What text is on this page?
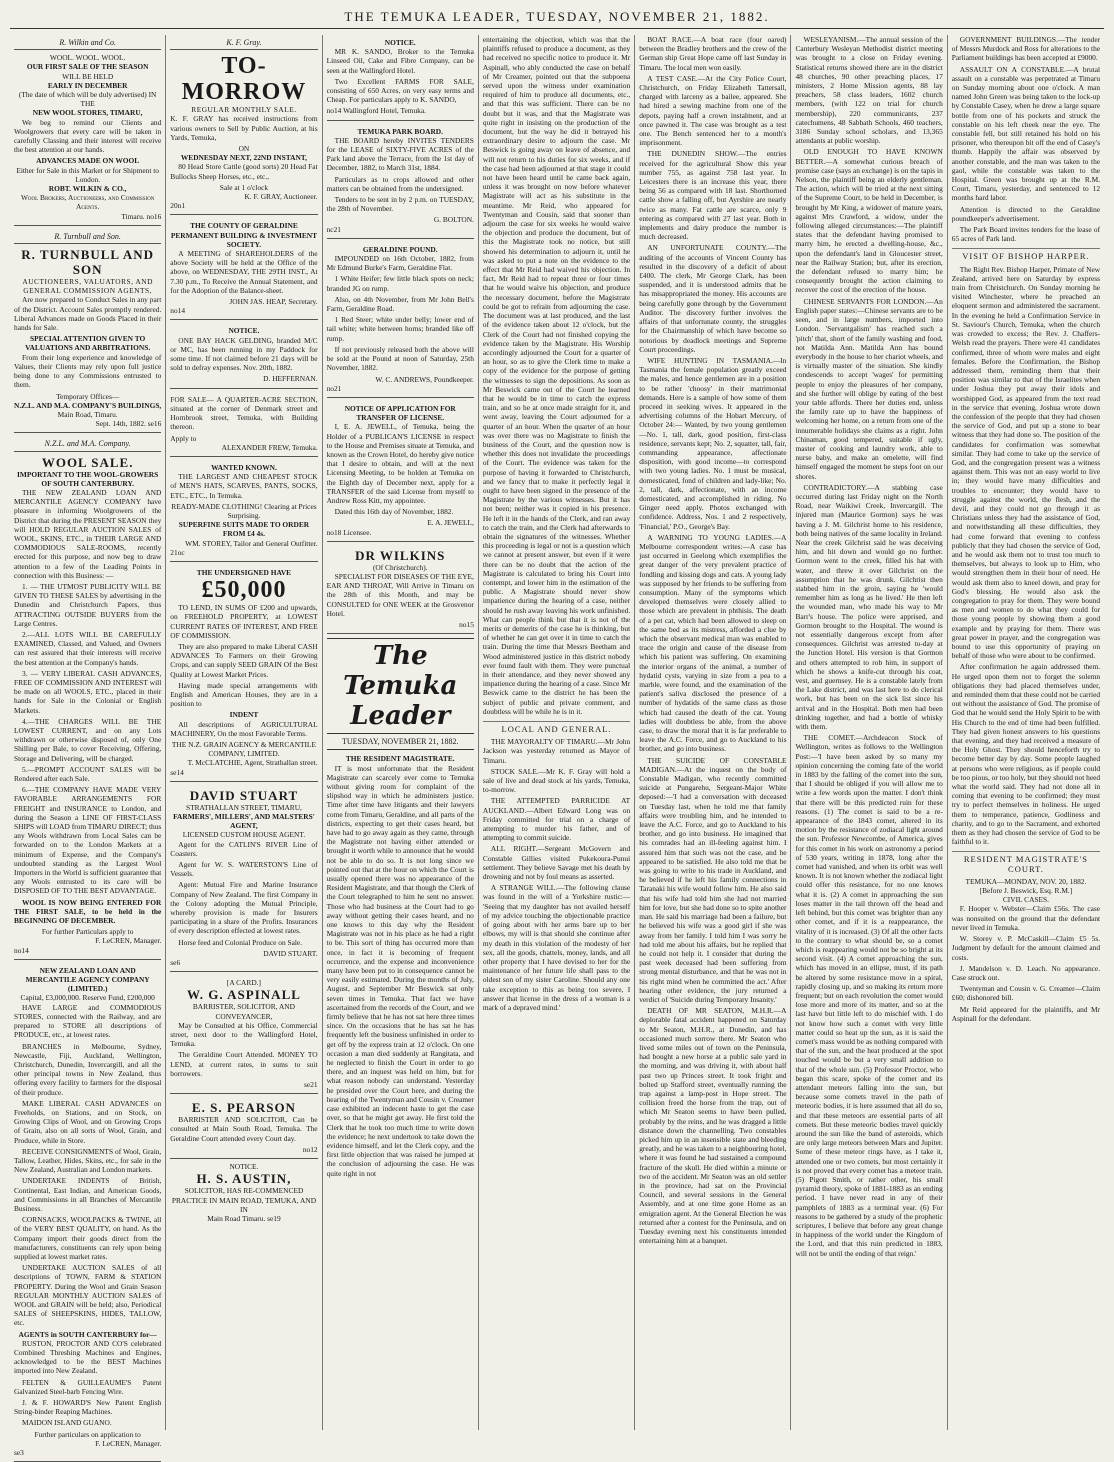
THE TEMUKA LEADER, TUESDAY, NOVEMBER 21, 1882.
R. Wilkin and Co.
WOOL. WOOL. WOOL.
OUR FIRST SALE OF THE SEASON
WILL BE HELD
EARLY IN DECEMBER
(The date of which will be duly advertised) IN THE
NEW WOOL STORES, TIMARU,

We beg to remind our Clients and Woolgrowers that every care will be taken in carefully Classing and their interest will receive the best attention at our hands.

ADVANCES MADE ON WOOL
Either for Sale in this Market or for Shipment to London.
ROBT. WILKIN & CO.,
Wool Brokers, Auctioneers, and Commission Agents.
Timaru. no16
R. Turnbull and Son.
R. TURNBULL AND SON
AUCTIONEERS, VALUATORS, AND GENERAL COMMISSION AGENTS,

Are now prepared to Conduct Sales in any part of the District. Account Sales promptly rendered. Liberal Advances made on Goods Placed in their hands for Sale.

SPECIAL ATTENTION GIVEN TO VALUATIONS AND ARBITRATIONS.

From their long experience and knowledge of Values, their Clients may rely upon full justice being done to any Commissions entrusted to them.

Temporary Offices—
N.Z.L. AND M.A. COMPANY'S BUILDINGS,
Main Road, Timaru.
Sept. 14th, 1882. se16
N.Z.L. and M.A. Company.
WOOL SALE.
IMPORTANT TO THE WOOL-GROWERS OF SOUTH CANTERBURY.

THE NEW ZEALAND LOAN AND MERCANTILE AGENCY COMPANY have pleasure in informing Woolgrowers of the District that during the PRESENT SEASON they will HOLD REGULAR AUCTION SALES of WOOL, SKINS, ETC., in THEIR LARGE AND COMMODIOUS SALE-ROOMS, recently erected for this purpose, and now beg to draw attention to a few of the Leading Points in connection with this Business: —

1. — THE UTMOST PUBLICITY WILL BE GIVEN TO THESE SALES by advertising in the Dunedin and Christchurch Papers, thus ATTRACTING OUTSIDE BUYERS from the Large Centres.

2.—ALL LOTS WILL BE CAREFULLY EXAMINED, Classed, and Valued, and Owners can rest assured that their interests will receive the best attention at the Company's hands.

3. — VERY LIBERAL CASH ADVANCES, FREE OF COMMISSION AND INTEREST will be made on all WOOLS, ETC., placed in their hands for Sale in the Colonial or English Markets.

4.—THE CHARGES WILL BE THE LOWEST CURRENT, and on any Lots withdrawn or otherwise disposed of, only One Shilling per Bale, to cover Receiving, Offering, Storage and Delivering, will be charged.

5.—PROMPT ACCOUNT SALES will be Rendered after each Sale.

6.—THE COMPANY HAVE MADE VERY FAVORABLE ARRANGEMENTS FOR FREIGHT and INSURANCE to London, and during the Season a LINE OF FIRST-CLASS SHIPS will LOAD from TIMARU DIRECT; thus any Wools withdrawn from Local Sales can be forwarded on to the London Markets at a minimum of Expense, and the Company's undoubted standing as the Largest Wool Importers in the World is sufficient guarantee that any Wools entrusted to its care will be DISPOSED OF TO THE BEST ADVANTAGE.

WOOL IS NOW BEING ENTERED FOR THE FIRST SALE, to be held in the BEGINNING OF DECEMBER.

For further Particulars apply to
F. LeCREN, Manager.
no14
NEW ZEALAND LOAN AND MERCANTILE AGENCY COMPANY (LIMITED.)
Capital, £3,000,000. Reserve Fund, £200,000

HAVE LARGE and COMMODIOUS STORES, connected with the Railway, and are prepared to STORE all descriptions of PRODUCE, etc., at lowest rates.

BRANCHES in Melbourne, Sydney, Newcastle, Fiji, Auckland, Wellington, Christchurch, Dunedin, Invercargill, and all the other principal towns in New Zealand, thus offering every facility to farmers for the disposal of their produce.

MAKE LIBERAL CASH ADVANCES on Freeholds, on Stations, and on Stock, on Growing Clips of Wool, and on Growing Crops of Grain, also on all sorts of Wool, Grain, and Produce, while in Store.

RECEIVE CONSIGNMENTS of Wool, Grain, Tallow, Leather, Hides, Skins, etc., for sale in the New Zealand, Australian and London markets.

UNDERTAKE INDENTS of British, Continental, East Indian, and American Goods, and Commissions in all Branches of Mercantile Business.

CORNSACKS, WOOLPACKS & TWINE, all of the VERY BEST QUALITY, on hand. As the Company import their goods direct from the manufacturers, constituents can rely upon being supplied at lowest market rates.

UNDERTAKE AUCTION SALES of all descriptions of TOWN, FARM & STATION PROPERTY. During the Wool and Grain Season REGULAR MONTHLY AUCTION SALES of WOOL and GRAIN will be held; also, Periodical SALES of SHEEPSKINS, HIDES, TALLOW, etc.

AGENTS in SOUTH CANTERBURY for—

RUSTON, PROCTOR AND CO'S celebrated Combined Threshing Machines and Engines, acknowledged to be the BEST Machines imported into New Zealand.

FELTEN & GUILLEAUME'S Patent Galvanized Steel-barb Fencing Wire.

J. & F. HOWARD'S New Patent English String-binder Reaping Machines.

MAIDON ISLAND GUANO.

Further particulars on application to
F. LeCREN, Manager.
se3
K. F. Gray.
TO-MORROW
REGULAR MONTHLY SALE.

K. F. GRAY has received instructions from various owners to Sell by Public Auction, at his Yards, Temuka,

ON
WEDNESDAY NEXT, 22ND INSTANT,

80 Head Store Cattle (good sorts) 20 Head Fat Bullocks Sheep Horses, etc., etc.,

Sale at 1 o'clock
K. F. GRAY, Auctioneer.
20n1
THE COUNTY OF GERALDINE PERMANENT BUILDING & INVESTMENT SOCIETY.

A MEETING of SHAREHOLDERS of the above Society will be held at the Office of the above, on WEDNESDAY, THE 29TH INST., At 7.30 p.m., To Receive the Annual Statement, and for the Adoption of the Balance-sheet.

JOHN JAS. HEAP, Secretary.
no14
NOTICE.

ONE BAY HACK GELDING, branded M/C or MC, has been running in my Paddock for some time. If not claimed before 21 days will be sold to defray expenses. Nov. 20th, 1882.

D. HEFFERNAN.

FOR SALE— A QUARTER-ACRE SECTION, situated at the corner of Denmark street and Hornbrook street, Temuka, with Building thereon.

Apply to
ALEXANDER FREW, Temuka.
WANTED KNOWN.

THE LARGEST AND CHEAPEST STOCK of MEN'S HATS, SCARVES, PANTS, SOCKS, ETC., ETC., In Temuka.

READY-MADE CLOTHING! Clearing at Prices Surprising.
SUPERFINE SUITS MADE TO ORDER FROM £4 4s.
WM. STOREY, Tailor and General Outfitter.
21oc
THE UNDERSIGNED HAVE
£50,000

TO LEND, IN SUMS OF £200 and upwards, on FREEHOLD PROPERTY, at LOWEST CURRENT RATES OF INTEREST, AND FREE OF COMMISSION.

They are also prepared to make Liberal CASH ADVANCES To Farmers on their Growing Crops, and can supply SEED GRAIN Of the Best Quality at Lowest Market Prices.

Having made special arrangements with English and American Houses, they are in a position to

INDENT

All descriptions of AGRICULTURAL MACHINERY, On the most Favorable Terms.

THE N.Z. GRAIN AGENCY & MERCANTILE COMPANY, LIMITED.
T. McCLATCHIE, Agent, Strathallan street.
se14
DAVID STUART
STRATHALLAN STREET, TIMARU,
FARMERS', MILLERS', AND MALSTERS' AGENT,
LICENSED CUSTOM HOUSE AGENT.

Agent for the CATLIN'S RIVER Line of Coasters.

Agent for W. S. WATERSTON'S Line of Vessels.

Agent: Mutual Fire and Marine Insurance Company of New Zealand. The first Company in the Colony adopting the Mutual Principle, whereby provision is made for Insurers participating in a share of the Profits. Insurances of every description effected at lowest rates.

Horse feed and Colonial Produce on Sale.

DAVID STUART.
se6
[A CARD.]
W. G. ASPINALL
BARRISTER, SOLICITOR, AND CONVEYANCER,

May be Consulted at his Office, Commercial street, next door to the Wallingford Hotel, Temuka.

The Geraldine Court Attended. MONEY TO LEND, at current rates, in sums to suit borrowers.

se21
E. S. PEARSON

BARRISTER AND SOLICITOR, Can be consulted at Main South Road, Temuka. The Geraldine Court attended every Court day.

no12
NOTICE.
H. S. AUSTIN,
SOLICITOR, HAS RE-COMMENCED PRACTICE IN MAIN ROAD, TEMUKA, AND IN
Main Road Timaru. se19
NOTICE.

MR K. SANDO, Broker to the Temuka Linseed Oil, Cake and Fibre Company, can be seen at the Wallingford Hotel.

Two Excellent FARMS FOR SALE, consisting of 650 Acres, on very easy terms and Cheap. For particulars apply to K. SANDO,

no14 Wallingford Hotel, Temuka.
TEMUKA PARK BOARD.

THE BOARD hereby INVITES TENDERS for the LEASE of SIXTY-FIVE ACRES of the Park land above the Terrace, from the 1st day of December, 1882, to March 31st, 1884.

Particulars as to crops allowed and other matters can be obtained from the undersigned.

Tenders to be sent in by 2 p.m. on TUESDAY, the 28th of November.

G. BOLTON.
nc21
GERALDINE POUND.

IMPOUNDED on 16th October, 1882, from Mr Edmund Burke's Farm, Geraldine Flat.

1 White Heifer; few little black spots on neck; branded JG on rump.

Also, on 4th November, from Mr John Bell's Farm, Geraldine Road.

1 Red Steer; white under belly; lower end of tail white; white between horns; branded like off rump.

If not previously released both the above will be sold at the Pound at noon of Saturday, 25th November, 1882.

W. C. ANDREWS, Poundkeeper.
no21
NOTICE OF APPLICATION FOR TRANSFER OF LICENSE.

I, E. A. JEWELL, of Temuka, being the Holder of a PUBLICAN'S LICENSE in respect to the House and Premises situate at Temuka, and known as the Crown Hotel, do hereby give notice that I desire to obtain, and will at the next Licensing Meeting, to be holden at Temuka on the Eighth day of December next, apply for a TRANSFER of the said License from myself to Andrew Ross Kitt, my appointee.

Dated this 16th day of November, 1882.

E. A. JEWELL,
no18 Licensee.
DR WILKINS
(Of Christchurch).

SPECIALIST FOR DISEASES OF THE EYE, EAR AND THROAT, Will Arrive in Timaru on the 28th of this Month, and may be CONSULTED for ONE WEEK at the Grosvenor Hotel.

no15
The Temuka Leader
TUESDAY, NOVEMBER 21, 1882.
THE RESIDENT MAGISTRATE.

IT is most unfortunate that the Resident Magistrate can scarcely ever come to Temuka without giving room for complaint of the slipshod way in which he administers justice. Time after time have litigants and their lawyers come from Timaru, Geraldine, and all parts of the districts, expecting to get their cases heard, but have had to go away again as they came, through the Magistrate not having either attended or brought it worth while to announce that he would not be able to do so. It is not long since we pointed out that at the hour on which the Court is usually opened there was no appearance of the Resident Magistrate, and that though the Clerk of the Court telegraphed to him he sent no answer. Those who had business at the Court had to go away without getting their cases heard, and no one knows to this day why the Resident Magistrate was not in his place as he had a right to be. This sort of thing has occurred more than once, in fact it is becoming of frequent occurrence, and the expense and inconvenience many have been put to in consequence cannot be very easily estimated. During the months of July, August, and September Mr Beswick sat only seven times in Temuka. That fact we have ascertained from the records of the Court, and we firmly believe that he has not sat here three times since. On the occasions that he has sat he has frequently left the business unfinished in order to get off by the express train at 12 o'clock. On one occasion a man died suddenly at Rangitata, and he neglected to finish the Court in order to go there, and an inquest was held on him, but for what reason nobody can understand. Yesterday he presided over the Court here, and during the hearing of the Twentyman and Cousin v. Creamer case exhibited an indecent haste to get the case over, so that he might get away. He first told the Clerk that he took too much time to write down the evidence; he next undertook to take down the evidence himself, and let the Clerk copy, and the first little objection that was raised he jumped at the conclusion of adjourning the case. He was quite right in not

entertaining the objection, which was that the plaintiffs refused to produce a document, as they had received no specific notice to produce it. Mr Aspinall, who ably conducted the case on behalf of Mr Creamer, pointed out that the subpoena served upon the witness under examination required of him to produce all documents, etc., and that this was sufficient. There can be no doubt but it was, and that the Magistrate was quite right in insisting on the production of the document, but the way he did it betrayed his extraordinary desire to adjourn the case. Mr Beswick is going away on leave of absence, and will not return to his duties for six weeks, and if the case had been adjourned at that stage it could not have been heard until he came back again, unless it was brought on now before whatever Magistrate will act as his substitute in the meantime. Mr Reid, who appeared for Twentyman and Cousin, said that sooner than adjourn the case for six weeks he would waive the objection and produce the document, but of this the Magistrate took no notice, but still showed his determination to adjourn it, until he was asked to put a note on the evidence to the effect that Mr Reid had waived his objection. In fact, Mr Reid had to repeat three or four times that he would waive his objection, and produce the necessary document, before the Magistrate could be got to refrain from adjourning the case. The document was at last produced, and the last of the evidence taken about 12 o'clock, but the Clerk of the Court had not finished copying the evidence taken by the Magistrate. His Worship accordingly adjourned the Court for a quarter of an hour, so as to give the Clerk time to make a copy of the evidence for the purpose of getting the witnesses to sign the depositions. As soon as Mr Beswick came out of the Court he learned that he would be in time to catch the express train, and so he at once made straight for it, and went away, leaving the Court adjourned for a quarter of an hour. When the quarter of an hour was over there was no Magistrate to finish the business of the Court, and the question now is whether this does not invalidate the proceedings of the Court. The evidence was taken for the purpose of having it forwarded to Christchurch, and we fancy that to make it perfectly legal it ought to have been signed in the presence of the Magistrate by the various witnesses. But it has not been; neither was it copied in his presence. He left it in the hands of the Clerk, and ran away to catch the train, and the Clerk had afterwards to obtain the signatures of the witnesses. Whether this proceeding is legal or not is a question which we cannot at present answer, but even if it were there can be no doubt that the action of the Magistrate is calculated to bring his Court into contempt, and lower him in the estimation of the public. A Magistrate should never show impatience during the hearing of a case, neither should he rush away leaving his work unfinished. What can people think but that it is not of the merits or demerits of the case he is thinking, but of whether he can get over it in time to catch the train. During the time that Messrs Beetham and Wood administered justice in this district nobody ever found fault with them. They were punctual in their attendance, and they never showed any impatience during the hearing of a case. Since Mr Beswick came to the district he has been the subject of public and private comment, and doubtless will be while he is in it.

LOCAL AND GENERAL.

THE MAYORALTY OF TIMARU.—Mr John Jackson was yesterday returned as Mayor of Timaru.

STOCK SALE.—Mr K. F. Gray will hold a sale of live and dead stock at his yards, Temuka, to-morrow.

THE ATTEMPTED PARRICIDE AT AUCKLAND.—Albert Edward Long was on Friday committed for trial on a charge of attempting to murder his father, and of attempting to commit suicide.

ALL RIGHT.—Sergeant McGovern and Constable Gillies visited Pukekoura-Punui settlement. They believe Savage met his death by drowning and not by foul means as asserted.

A STRANGE WILL.—The following clause was found in the will of a Yorkshire rustic:— 'Seeing that my daughter has not availed herself of my advice touching the objectionable practice of going about with her arms bare up to her elbows, my will is that should she continue after my death in this violation of the modesty of her sex, all the goods, chattels, money, lands, and all other property that I have devised to her for the maintenance of her future life shall pass to the oldest son of my sister Caroline. Should any one take exception to this as being too severe, I answer that license in the dress of a woman is a mark of a depraved mind.'

BOAT RACE.—A boat race (four oared) between the Bradley brothers and the crew of the German ship Great Hope came off last Sunday in Timaru. The local men won easily.

A TEST CASE.—At the City Police Court, Christchurch, on Friday Elizabeth Tattersall, charged with larceny as a bailee, appeared. She had hired a sewing machine from one of the depots, paying half a crown instalment, and at once pawned it. The case was brought as a test one. The Bench sentenced her to a month's imprisonment.

THE DUNEDIN SHOW.—The entries received for the agricultural Show this year number 755, as against 758 last year. In Leicesters there is an increase this year, there being 56 as compared with 18 last. Shorthorned cattle show a falling off, but Ayrshire are nearly twice as many. Fat cattle are scarce, only 9 entering as compared with 27 last year. Both in implements and dairy produce the number is much decreased.

AN UNFORTUNATE COUNTY.—The auditing of the accounts of Vincent County has resulted in the discovery of a deficit of about £400. The clerk, Mr George Clark, has been suspended, and it is understood admits that he has misappropriated the money. His accounts are being carefully gone through by the Government Auditor. The discovery further involves the affairs of that unfortunate county, the struggles for the Chairmanship of which have become so notorious by deadlock meetings and Supreme Court proceedings.

WIFE HUNTING IN TASMANIA.—In Tasmania the female population greatly exceed the males, and hence gentlemen are in a position to be rather 'choosy' in their matrimonial demands. Here is a sample of how some of them proceed in seeking wives. It appeared in the advertising columns of the Hobart Mercury, of October 24:— Wanted, by two young gentlemen—No. 1, tall, dark, good position, first-class residence, servants kept; No. 2, squatter, tall, fair, commanding appearance, affectionate disposition, with good income—to correspond with two young ladies. No. 1 must be musical, domesticated, fond of children and lady-like; No. 2, tall, dark, affectionate, with an income domesticated, and accomplished in riding. No Ginger need apply. Photos exchanged with confidence. Address, Nos. 1 and 2 respectively, 'Financial,' P.O., George's Bay.

A WARNING TO YOUNG LADIES.—A Melbourne correspondent writes:—A case has just occurred in Geelong which exemplifies the great danger of the very prevalent practice of fondling and kissing dogs and cats. A young lady was supposed by her friends to be suffering from consumption. Many of the symptoms which developed themselves were closely allied to those which are prevalent in phthisis. The death of a pet cat, which had been allowed to sleep on the same bed as its mistress, afforded a clue by which the observant medical man was enabled to trace the origin and cause of the disease from which his patient was suffering. On examining the interior organs of the animal, a number of hydatid cysts, varying in size from a pea to a marble, were found, and the examination of the patient's saliva disclosed the presence of a number of hydatids of the same class as those which had caused the death of the cat. Young ladies will doubtless be able, from the above case, to draw the moral that it is far preferable to leave the A.C. Force, and go to Auckland to his brother, and go into business.

THE SUICIDE OF CONSTABLE MADIGAN.—At the inquest on the body of Constable Madigan, who recently committed suicide at Pungarehu, Sergeant-Major White deposed:—'I had a conversation with deceased on Tuesday last, when he told me that family affairs were troubling him, and he intended to leave the A.C. Force, and go to Auckland to his brother, and go into business. He imagined that his comrades had an ill-feeling against him. I assured him that such was not the case, and he appeared to be satisfied. He also told me that he was going to write to his trade in Auckland, and he believed if he left his family connections in Taranaki his wife would follow him. He also said that his wife had told him she had not married him for love, but she had done so to spite another man. He said his marriage had been a failure, but he believed his wife was a good girl if she was away from her family. I told him I was sorry he had told me about his affairs, but he replied that he could not help it. I consider that during the past week deceased had been suffering from strong mental disturbance, and that he was not in his right mind when he committed the act.' After hearing other evidence, the jury returned a verdict of 'Suicide during Temporary Insanity.'

DEATH OF MR SEATON, M.H.R.—A deplorable fatal accident happened on Saturday to Mr Seaton, M.H.R., at Dunedin, and has occasioned much sorrow there. Mr Seaton who lived some miles out of town on the Peninsula, had bought a new horse at a public sale yard in the morning, and was driving it, with about half past two up Princes street. It took fright and bolted up Stafford street, eventually running the trap against a lamp-post in Hope street. The collision freed the horse from the trap, out of which Mr Seaton seems to have been pulled, probably by the reins, and he was dragged a little distance down the channelling. Two constables picked him up in an insensible state and bleeding greatly, and he was taken to a neighbouring hotel, where it was found he had sustained a compound fracture of the skull. He died within a minute or two of the accident. Mr Seaton was an old settler in the province, had sat on the Provincial Council, and several sessions in the General Assembly, and at one time gone Home as an emigration agent. At the General Election he was returned after a contest for the Peninsula, and on Tuesday evening next his constituents intended entertaining him at a banquet.

WESLEYANISM.—The annual session of the Canterbury Wesleyan Methodist district meeting was brought to a close on Friday evening. Statistical returns showed there are in the district 48 churches, 90 other preaching places, 17 ministers, 2 Home Mission agents, 88 lay preachers, 58 class leaders, 1602 church members, (with 122 on trial for church membership), 220 communicants, 237 catechumens, 48 Sabbath Schools, 460 teachers, 3186 Sunday school scholars, and 13,365 attendants at public worship.

OLD ENOUGH TO HAVE KNOWN BETTER.—A somewhat curious breach of promise case (says an exchange) is on the tapis in Nelson, the plaintiff being an elderly gentleman. The action, which will be tried at the next sitting of the Supreme Court, to be held in December, is brought by Mr King, a widower of mature years, against Mrs Crawford, a widow, under the following alleged circumstances:—The plaintiff states that the defendant having promised to marry him, he erected a dwelling-house, &c., upon the defendant's land in Gloucester street, near the Railway Station; but, after its erection, the defendant refused to marry him; he consequently brought the action claiming to recover the cost of the erection of the house.

CHINESE SERVANTS FOR LONDON.—An English paper states:—Chinese servants are to be seen, and in large numbers, imported into London. 'Servantgalism' has reached such a 'pitch' that, short of the family washing and food, not Matilda Ann. Matilda Ann has bound everybody in the house to her chariot wheels, and is virtually master of the situation. She kindly condescends to accept 'wages' for permitting people to enjoy the pleasures of her company, and she further will oblige by eating of the best your table affords. There her duties end, unless the family rate up to have the happiness of welcoming her home, on a return from one of the innumerable holidays she claims as a right. John Chinaman, good tempered, suitable if ugly, master of cooking and laundry work, able to nurse baby, and make an omelette, will find himself engaged the moment he steps foot on our shores.

CONTRADICTORY.—A stabbing case occurred during last Friday night on the North Road, near Waikiwi Creek, Invercargill. The injured man (Maurice Gormon) says he was having a J. M. Gilchrist home to his residence, both being natives of the same locality in Ireland. Near the creek Gilchrist said he was deceiving him, and hit down and would go no further. Gormon went to the creek, filled his hat with water, and threw it over Gilchrist on the assumption that he was drunk. Gilchrist then stabbed him in the groin, saying he 'would remember him as long as he lived.' He then left the wounded man, who made his way to Mr Barr's house. The police were apprised, and Gormon brought to the Hospital. The wound is not essentially dangerous except from after consequences. Gilchrist was arrested to-day at the Junction Hotel. His version is that Gormon and others attempted to rob him, in support of which he shows a knife-cut through his coat, vest, and guernsey. He is a constable lately from the Lake district, and was last here to do clerical work, but has been on the sick list since his arrival and in the Hospital. Both men had been drinking together, and had a bottle of whisky with them.

THE COMET.—Archdeacon Stock of Wellington, writes as follows to the Wellington Post:—'I have been asked by so many my opinion concerning the coming fate of the world in 1883 by the falling of the comet into the sun, that I should be obliged if you will allow me to write a few words upon the matter. I don't think that there will be this predicted ruin for these reasons. (1) The comet is said to be a re-appearance of the 1843 comet, altered in its motion by the resistance of zodiacal light around the sun. Professor Newcombe, of America, gives for this comet in his work on astronomy a period of 530 years, writing in 1878, long after the comet had vanished, and when its orbit was well known. It is not known whether the zodiacal light could offer this resistance, for no one knows what it is. (2) A comet in approaching the sun loses matter in the tail thrown off the head and left behind, but this comet was brighter than any other comet, and if it is a reappearance, the vitality of it is increased. (3) Of all the other facts to the contrary to what should be, so a comet which is reappearing would not be so bright at its second visit. (4) A comet approaching the sun, which has moved in an ellipse, must, if its path be altered by some resistance move in a spiral, rapidly closing up, and so making its return more frequent; but on each revolution the comet would lose more and more of its matter, and so at the last have but little left to do mischief with. I do not know how such a comet with very little matter could so heat up the sun, as it is said the comet's mass would be as nothing compared with that of the sun, and the heat produced at the spot touched would be but a very small addition to that of the whole sun. (5) Professor Proctor, who began this scare, spoke of the comet and its attendant meteors falling into the sun, but because some comets travel in the path of meteoric bodies, it is here assumed that all do so, and that these meteors are essential parts of all comets. But these meteoric bodies travel quickly around the sun like the band of asteroids, which are only large meteors between Mars and Jupiter. Some of these meteor rings have, as I take it, attended one or two comets, but most certainly it is not proved that every comet has a meteor train. (5) Pigott Smith, or rather other, his small pyramid theory, spoke of 1881-1883 as an ending period. I have never read in any of their pamphlets of 1883 as a terminal year. (6) For reasons to be gathered by a study of the prophetic scriptures, I believe that before any great change in happiness of the world under the Kingdom of the Lord, and that this ruin predicted in 1883, will not be until the ending of that reign.'

GOVERNMENT BUILDINGS.—The tender of Messrs Murdock and Ross for alterations to the Parliament buildings has been accepted at £9000.

ASSAULT ON A CONSTABLE.—A brutal assault on a constable was perpetrated at Timaru on Sunday morning about one o'clock. A man named John Green was being taken to the lock-up by Constable Casey, when he drew a large square bottle from one of his pockets and struck the constable on his left cheek near the eye. The constable fell, but still retained his hold on his prisoner, who thereupon bit off the end of Casey's thumb. Happily the affair was observed by another constable, and the man was taken to the gaol, while the constable was taken to the Hospital. Green was brought up at the R.M. Court, Timaru, yesterday, and sentenced to 12 months hard labor.

Attention is directed to the Geraldine poundkeeper's advertisement.

The Park Board invites tenders for the lease of 65 acres of Park land.

VISIT OF BISHOP HARPER.

The Right Rev. Bishop Harper, Primate of New Zealand, arrived here on Saturday by express train from Christchurch. On Sunday morning he visited Winchester, where he preached an eloquent sermon and administered the sacrament. In the evening he held a Confirmation Service in St. Saviour's Church, Temuka, when the church was crowded to excess; the Rev. J. Chaffers-Welsh read the prayers. There were 41 candidates confirmed, three of whom were males and eight females. Before the Confirmation, the Bishop addressed them, reminding them that their position was similar to that of the Israelites when under Joshua they put away their idols and worshipped God, as appeared from the text read in the service that evening, Joshua wrote down the confession of the people that they had chosen the service of God, and put up a stone to bear witness that they had done so. The position of the candidates for confirmation was somewhat similar. They had come to take up the service of God, and the congregation present was a witness against them. This was not an easy world to live in; they would have many difficulties and troubles to encounter; they would have to struggle against the world, the flesh, and the devil, and they could not go through it as Christians unless they had the assistance of God, and notwithstanding all these difficulties, they had come forward that evening to confess publicly that they had chosen the service of God, and he would ask them not to trust too much to themselves, but always to look up to Him, who would strengthen them in their hour of need. He would ask them also to kneel down, and pray for God's blessing. He would also ask the congregation to pray for them. They were bound as men and women to do what they could for those young people by showing them a good example and by praying for them. There was great power in prayer, and the congregation was bound to use this opportunity of praying on behalf of those who were about to be confirmed.

After confirmation he again addressed them. He urged upon them not to forget the solemn obligations they had placed themselves under, and reminded them that these could not be carried out without the assistance of God. The promise of God that he would send the Holy Spirit to be with His Church to the end of time had been fulfilled. They had given honest answers to his questions that evening, and they had received a measure of the Holy Ghost. They should henceforth try to become better day by day. Some people laughed at persons who were religious, as if people could be too pious, or too holy, but they should not heed what the world said. They had not done all in coming that evening to be confirmed; they must try to perfect themselves in holiness. He urged them to temperance, patience, Godliness and charity, and to go to the Sacrament, and exhorted them as they had chosen the service of God to be faithful to it.

RESIDENT MAGISTRATE'S COURT.
TEMUKA—MONDAY, NOV. 20, 1882.
[Before J. Beswick, Esq. R.M.]
CIVIL CASES.

F. Hooper v. Webster—Claim £56s. The case was nonsuited on the ground that the defendant never lived in Temuka.

W. Storey v. P. McCaskill—Claim £5 5s. Judgment by default for the amount claimed and costs.

J. Mandelson v. D. Leach. No appearance. Case struck out.

Twentyman and Cousin v. G. Creamer—Claim £60; dishonored bill.

Mr Reid appeared for the plaintiffs, and Mr Aspinall for the defendant.
